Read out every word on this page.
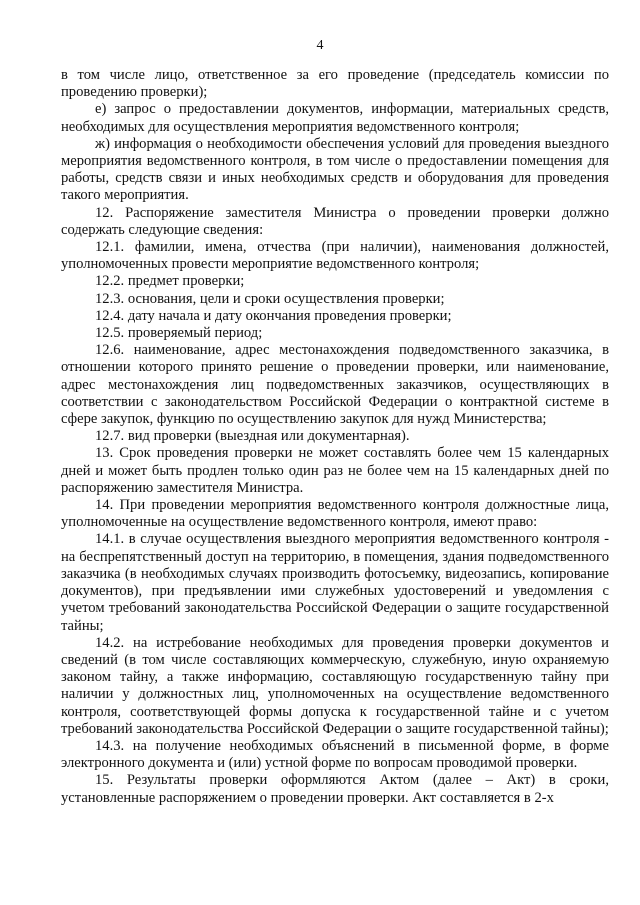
4

в том числе лицо, ответственное за его проведение (председатель комиссии по проведению проверки);

е) запрос о предоставлении документов, информации, материальных средств, необходимых для осуществления мероприятия ведомственного контроля;

ж) информация о необходимости обеспечения условий для проведения выездного мероприятия ведомственного контроля, в том числе о предоставлении помещения для работы, средств связи и иных необходимых средств и оборудования для проведения такого мероприятия.

12. Распоряжение заместителя Министра о проведении проверки должно содержать следующие сведения:

12.1. фамилии, имена, отчества (при наличии), наименования должностей, уполномоченных провести мероприятие ведомственного контроля;

12.2. предмет проверки;

12.3. основания, цели и сроки осуществления проверки;

12.4. дату начала и дату окончания проведения проверки;

12.5. проверяемый период;

12.6. наименование, адрес местонахождения подведомственного заказчика, в отношении которого принято решение о проведении проверки, или наименование, адрес местонахождения лиц подведомственных заказчиков, осуществляющих в соответствии с законодательством Российской Федерации о контрактной системе в сфере закупок, функцию по осуществлению закупок для нужд Министерства;

12.7. вид проверки (выездная или документарная).

13. Срок проведения проверки не может составлять более чем 15 календарных дней и может быть продлен только один раз не более чем на 15 календарных дней по распоряжению заместителя Министра.

14. При проведении мероприятия ведомственного контроля должностные лица, уполномоченные на осуществление ведомственного контроля, имеют право:

14.1. в случае осуществления выездного мероприятия ведомственного контроля - на беспрепятственный доступ на территорию, в помещения, здания подведомственного заказчика (в необходимых случаях производить фотосъемку, видеозапись, копирование документов), при предъявлении ими служебных удостоверений и уведомления с учетом требований законодательства Российской Федерации о защите государственной тайны;

14.2. на истребование необходимых для проведения проверки документов и сведений (в том числе составляющих коммерческую, служебную, иную охраняемую законом тайну, а также информацию, составляющую государственную тайну при наличии у должностных лиц, уполномоченных на осуществление ведомственного контроля, соответствующей формы допуска к государственной тайне и с учетом требований законодательства Российской Федерации о защите государственной тайны);

14.3. на получение необходимых объяснений в письменной форме, в форме электронного документа и (или) устной форме по вопросам проводимой проверки.

15. Результаты проверки оформляются Актом (далее – Акт) в сроки, установленные распоряжением о проведении проверки. Акт составляется в 2-х
